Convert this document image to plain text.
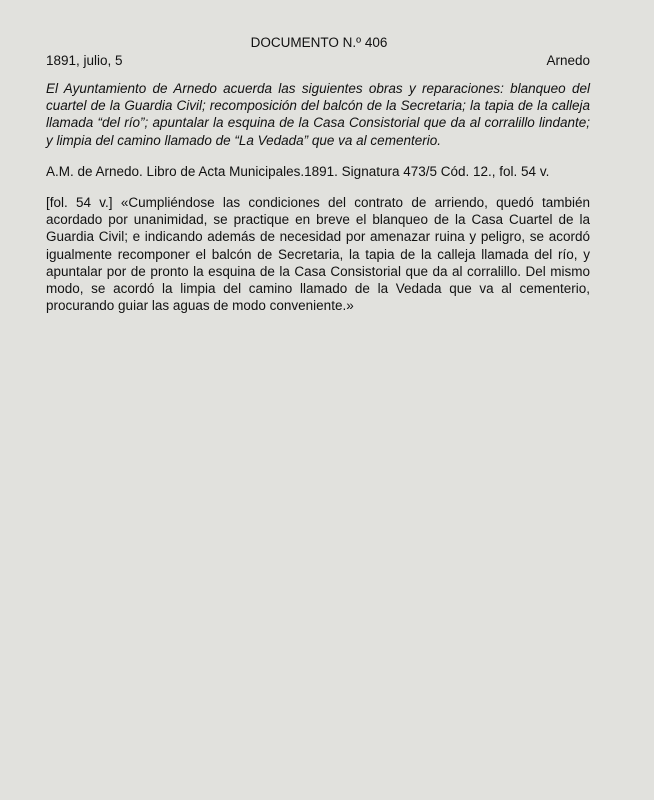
DOCUMENTO N.º 406

1891, julio, 5	Arnedo

El Ayuntamiento de Arnedo acuerda las siguientes obras y reparaciones: blanqueo del cuartel de la Guardia Civil; recomposición del balcón de la Secretaria; la tapia de la calleja llamada “del río”; apuntalar la esquina de la Casa Consistorial que da al corralillo lindante; y limpia del camino llamado de “La Vedada” que va al cementerio.

A.M. de Arnedo. Libro de Acta Municipales.1891. Signatura 473/5 Cód. 12., fol. 54 v.

[fol. 54 v.] «Cumpliéndose las condiciones del contrato de arriendo, quedó también acordado por unanimidad, se practique en breve el blanqueo de la Casa Cuartel de la Guardia Civil; e indicando además de necesidad por amenazar ruina y peligro, se acordó igualmente recomponer el balcón de Secretaria, la tapia de la calleja llamada del río, y apuntalar por de pronto la esquina de la Casa Consistorial que da al corralillo. Del mismo modo, se acordó la limpia del camino llamado de la Vedada que va al cementerio, procurando guiar las aguas de modo conveniente.»
